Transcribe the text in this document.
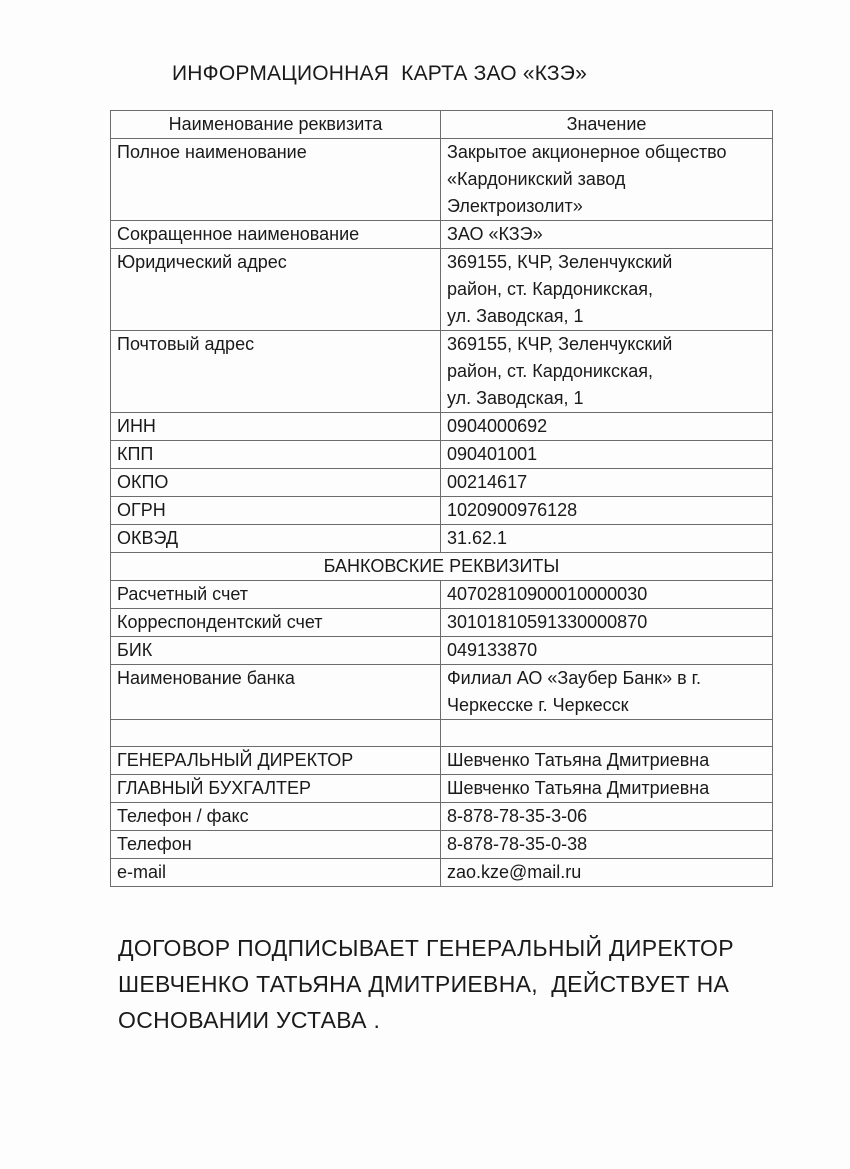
ИНФОРМАЦИОННАЯ  КАРТА ЗАО «КЗЭ»
Наименование реквизита	Значение
Полное наименование	Закрытое акционерное общество
«Кардоникский завод
Электроизолит»
Сокращенное наименование	ЗАО «КЗЭ»
Юридический адрес	369155, КЧР, Зеленчукский
район, ст. Кардоникская,
ул. Заводская, 1
Почтовый адрес	369155, КЧР, Зеленчукский
район, ст. Кардоникская,
ул. Заводская, 1
ИНН	0904000692
КПП	090401001
ОКПО	00214617
ОГРН	1020900976128
ОКВЭД	31.62.1
БАНКОВСКИЕ РЕКВИЗИТЫ	
Расчетный счет	40702810900010000030
Корреспондентский счет	30101810591330000870
БИК	049133870
Наименование банка	Филиал АО «Заубер Банк» в г.
Черкесске г. Черкесск

ГЕНЕРАЛЬНЫЙ ДИРЕКТОР	Шевченко Татьяна Дмитриевна
ГЛАВНЫЙ БУХГАЛТЕР	Шевченко Татьяна Дмитриевна
Телефон / факс	8-878-78-35-3-06
Телефон	8-878-78-35-0-38
e-mail	zao.kze@mail.ru
ДОГОВОР ПОДПИСЫВАЕТ ГЕНЕРАЛЬНЫЙ ДИРЕКТОР
ШЕВЧЕНКО ТАТЬЯНА ДМИТРИЕВНА,  ДЕЙСТВУЕТ НА
ОСНОВАНИИ УСТАВА .
